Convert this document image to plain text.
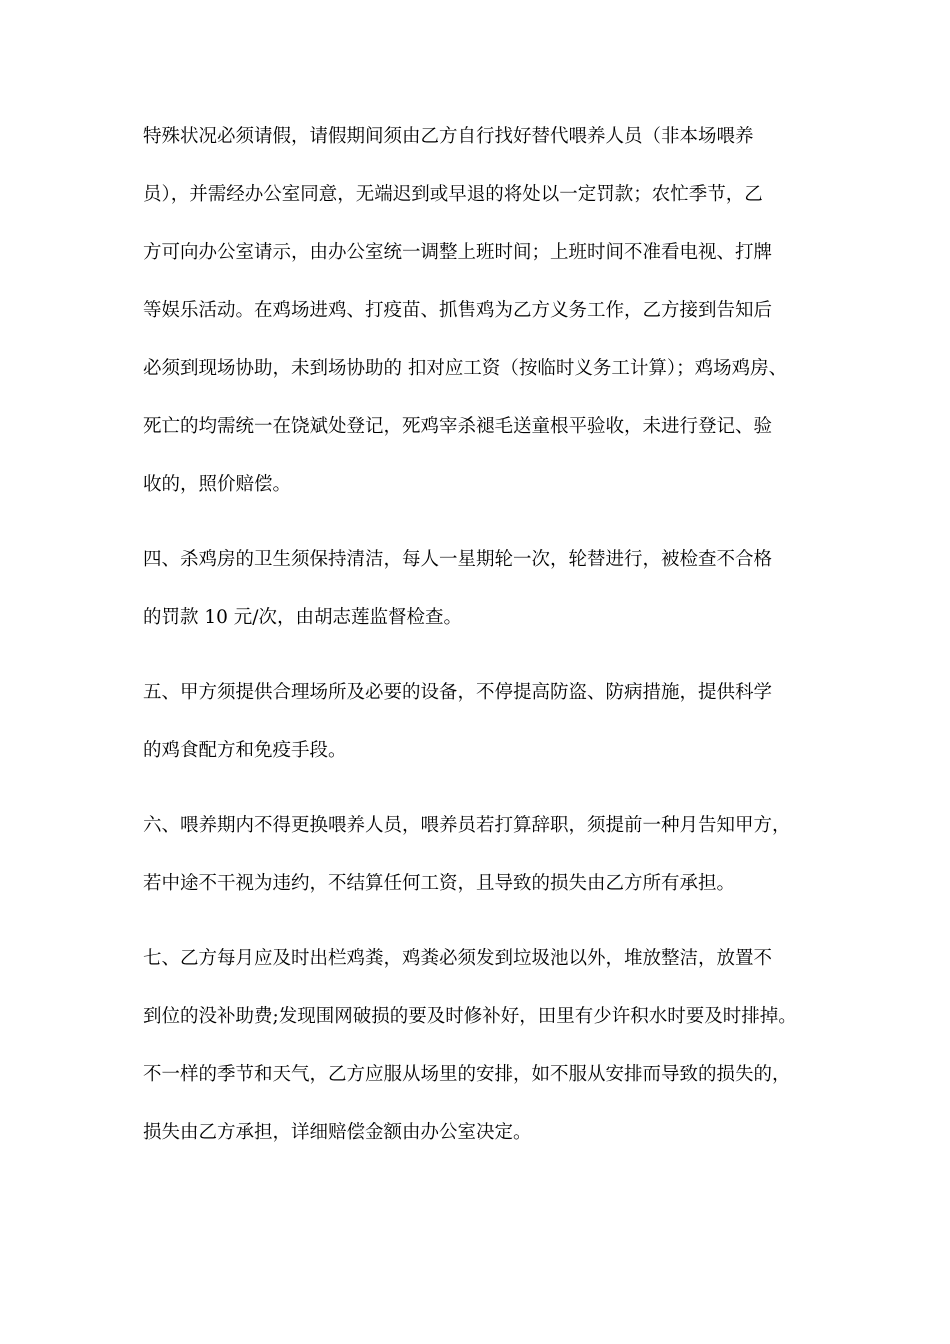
特殊状况必须请假，请假期间须由乙方自行找好替代喂养人员（非本场喂养
员），并需经办公室同意，无端迟到或早退的将处以一定罚款；农忙季节，乙
方可向办公室请示，由办公室统一调整上班时间；上班时间不准看电视、打牌
等娱乐活动。在鸡场进鸡、打疫苗、抓售鸡为乙方义务工作，乙方接到告知后
必须到现场协助，未到场协助的 扣对应工资（按临时义务工计算）；鸡场鸡房、
死亡的均需统一在饶斌处登记，死鸡宰杀褪毛送童根平验收，未进行登记、验
收的，照价赔偿。
四、杀鸡房的卫生须保持清洁，每人一星期轮一次，轮替进行，被检查不合格
的罚款 10 元/次，由胡志莲监督检查。
五、甲方须提供合理场所及必要的设备，不停提高防盗、防病措施，提供科学
的鸡食配方和免疫手段。
六、喂养期内不得更换喂养人员，喂养员若打算辞职，须提前一种月告知甲方，
若中途不干视为违约，不结算任何工资，且导致的损失由乙方所有承担。
七、乙方每月应及时出栏鸡粪，鸡粪必须发到垃圾池以外，堆放整洁，放置不
到位的没补助费;发现围网破损的要及时修补好，田里有少许积水时要及时排掉。
不一样的季节和天气，乙方应服从场里的安排，如不服从安排而导致的损失的，
损失由乙方承担，详细赔偿金额由办公室决定。
